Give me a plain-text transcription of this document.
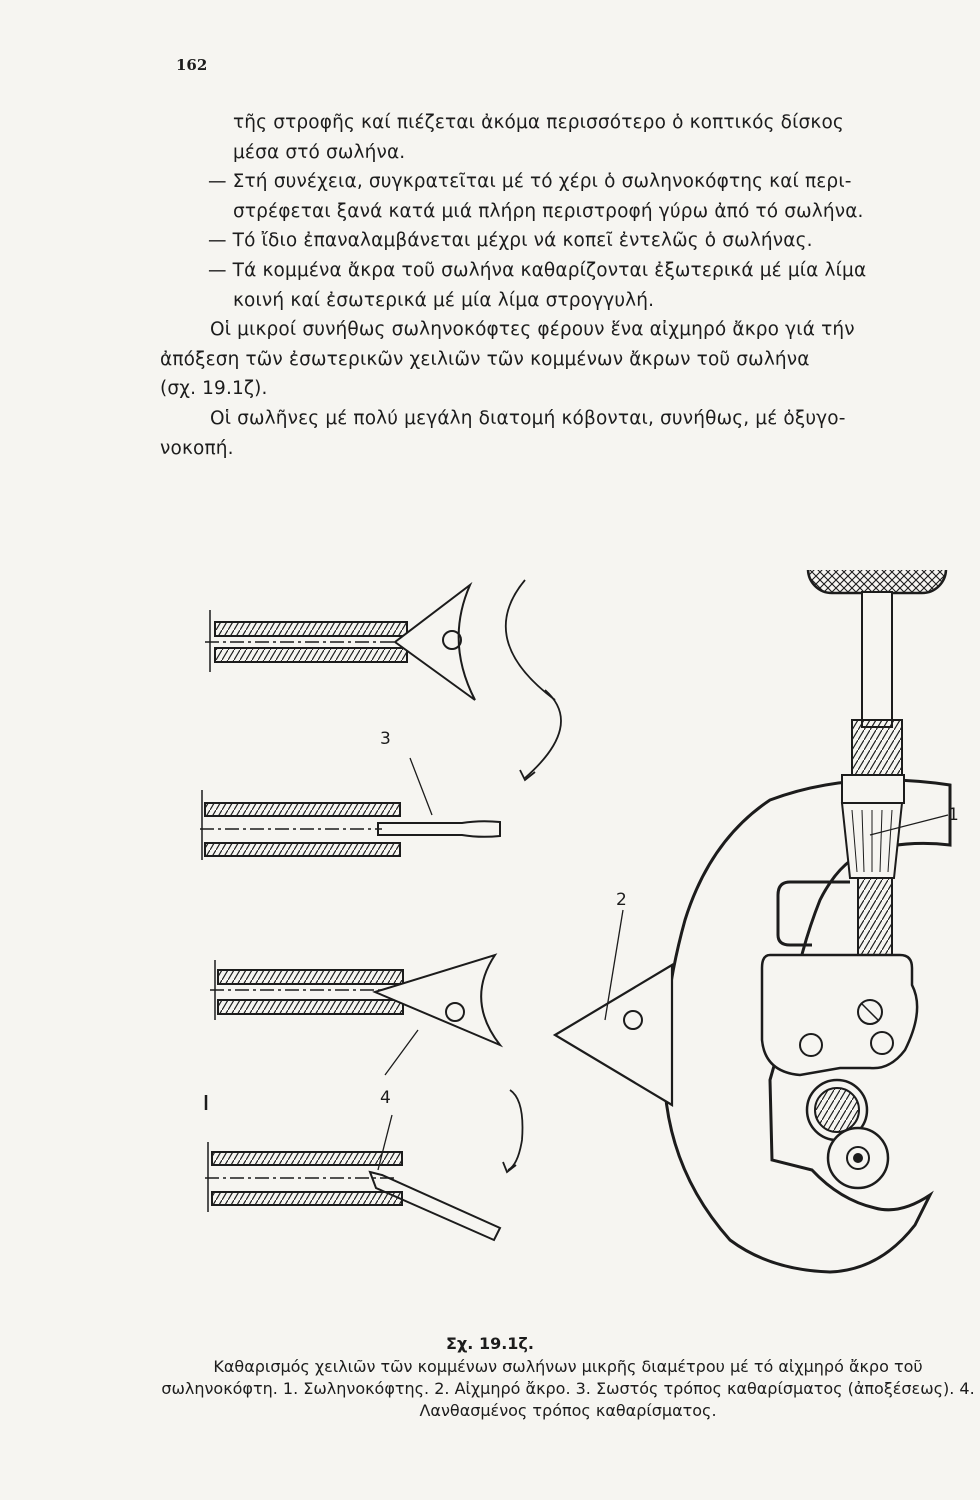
162

τῆς στροφῆς καί πιέζεται ἀκόμα περισσότερο ὁ κοπτικός δίσκος

μέσα στό σωλήνα.

— Στή συνέχεια, συγκρατεῖται μέ τό χέρι ὁ σωληνοκόφτης καί περι-

στρέφεται ξανά κατά μιά πλήρη περιστροφή γύρω ἀπό τό σωλήνα.

— Τό ἴδιο ἐπαναλαμβάνεται μέχρι νά κοπεῖ ἐντελῶς ὁ σωλήνας.

— Τά κομμένα ἄκρα τοῦ σωλήνα καθαρίζονται ἐξωτερικά μέ μία λίμα

κοινή καί ἐσωτερικά μέ μία λίμα στρογγυλή.

Οἱ μικροί συνήθως σωληνοκόφτες φέρουν ἕνα αἰχμηρό ἄκρο γιά τήν

ἀπόξεση τῶν ἐσωτερικῶν χειλιῶν τῶν κομμένων ἄκρων τοῦ σωλήνα

(σχ. 19.1ζ).

Οἱ σωλῆνες μέ πολύ μεγάλη διατομή κόβονται, συνήθως, μέ ὀξυγο-

νοκοπή.

1
2
3
4
Σχ. 19.1ζ.
Καθαρισμός χειλιῶν τῶν κομμένων σωλήνων μικρῆς διαμέτρου μέ τό αἰχμηρό ἄκρο τοῦ σωληνοκόφτη. 1. Σωληνοκόφτης. 2. Αἰχμηρό ἄκρο. 3. Σωστός τρόπος καθαρίσματος (ἀποξέσεως). 4. Λανθασμένος τρόπος καθαρίσματος.
